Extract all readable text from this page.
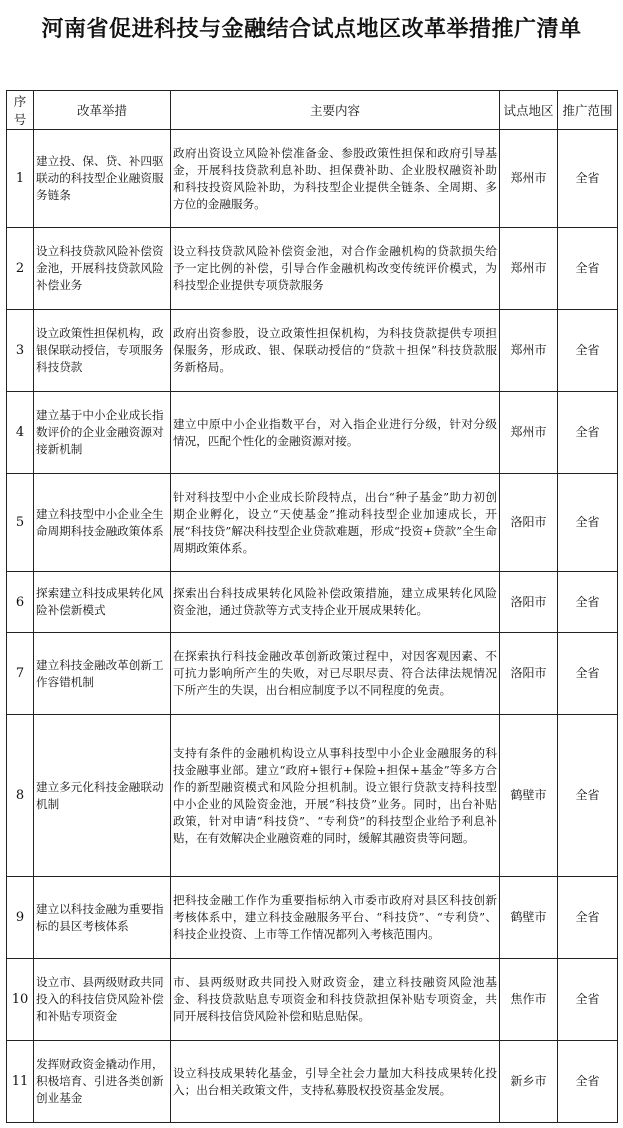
河南省促进科技与金融结合试点地区改革举措推广清单
序号	改革举措	主要内容	试点地区	推广范围
1	建立投、保、贷、补四驱联动的科技型企业融资服务链条	政府出资设立风险补偿准备金、参股政策性担保和政府引导基金，开展科技贷款利息补助、担保费补助、企业股权融资补助和科技投资风险补助，为科技型企业提供全链条、全周期、多方位的金融服务。	郑州市	全省
2	设立科技贷款风险补偿资金池，开展科技贷款风险补偿业务	设立科技贷款风险补偿资金池，对合作金融机构的贷款损失给予一定比例的补偿，引导合作金融机构改变传统评价模式，为科技型企业提供专项贷款服务	郑州市	全省
3	设立政策性担保机构，政银保联动授信，专项服务科技贷款	政府出资参股，设立政策性担保机构，为科技贷款提供专项担保服务，形成政、银、保联动授信的“贷款＋担保”科技贷款服务新格局。	郑州市	全省
4	建立基于中小企业成长指数评价的企业金融资源对接新机制	建立中原中小企业指数平台，对入指企业进行分级，针对分级情况，匹配个性化的金融资源对接。	郑州市	全省
5	建立科技型中小企业全生命周期科技金融政策体系	针对科技型中小企业成长阶段特点，出台“种子基金”助力初创期企业孵化，设立“天使基金”推动科技型企业加速成长，开展“科技贷”解决科技型企业贷款难题，形成“投资+贷款”全生命周期政策体系。	洛阳市	全省
6	探索建立科技成果转化风险补偿新模式	探索出台科技成果转化风险补偿政策措施，建立成果转化风险资金池，通过贷款等方式支持企业开展成果转化。	洛阳市	全省
7	建立科技金融改革创新工作容错机制	在探索执行科技金融改革创新政策过程中，对因客观因素、不可抗力影响所产生的失败，对已尽职尽责、符合法律法规情况下所产生的失误，出台相应制度予以不同程度的免责。	洛阳市	全省
8	建立多元化科技金融联动机制	支持有条件的金融机构设立从事科技型中小企业金融服务的科技金融事业部。建立“政府+银行+保险+担保+基金”等多方合作的新型融资模式和风险分担机制。设立银行贷款支持科技型中小企业的风险资金池，开展“科技贷”业务。同时，出台补贴政策，针对申请“科技贷”、“专利贷”的科技型企业给予利息补贴，在有效解决企业融资难的同时，缓解其融资贵等问题。	鹤壁市	全省
9	建立以科技金融为重要指标的县区考核体系	把科技金融工作作为重要指标纳入市委市政府对县区科技创新考核体系中，建立科技金融服务平台、“科技贷”、“专利贷”、科技企业投资、上市等工作情况都列入考核范围内。	鹤壁市	全省
10	设立市、县两级财政共同投入的科技信贷风险补偿和补贴专项资金	市、县两级财政共同投入财政资金，建立科技融资风险池基金、科技贷款贴息专项资金和科技贷款担保补贴专项资金，共同开展科技信贷风险补偿和贴息贴保。	焦作市	全省
11	发挥财政资金撬动作用，积极培育、引进各类创新创业基金	设立科技成果转化基金，引导全社会力量加大科技成果转化投入；出台相关政策文件，支持私募股权投资基金发展。	新乡市	全省
